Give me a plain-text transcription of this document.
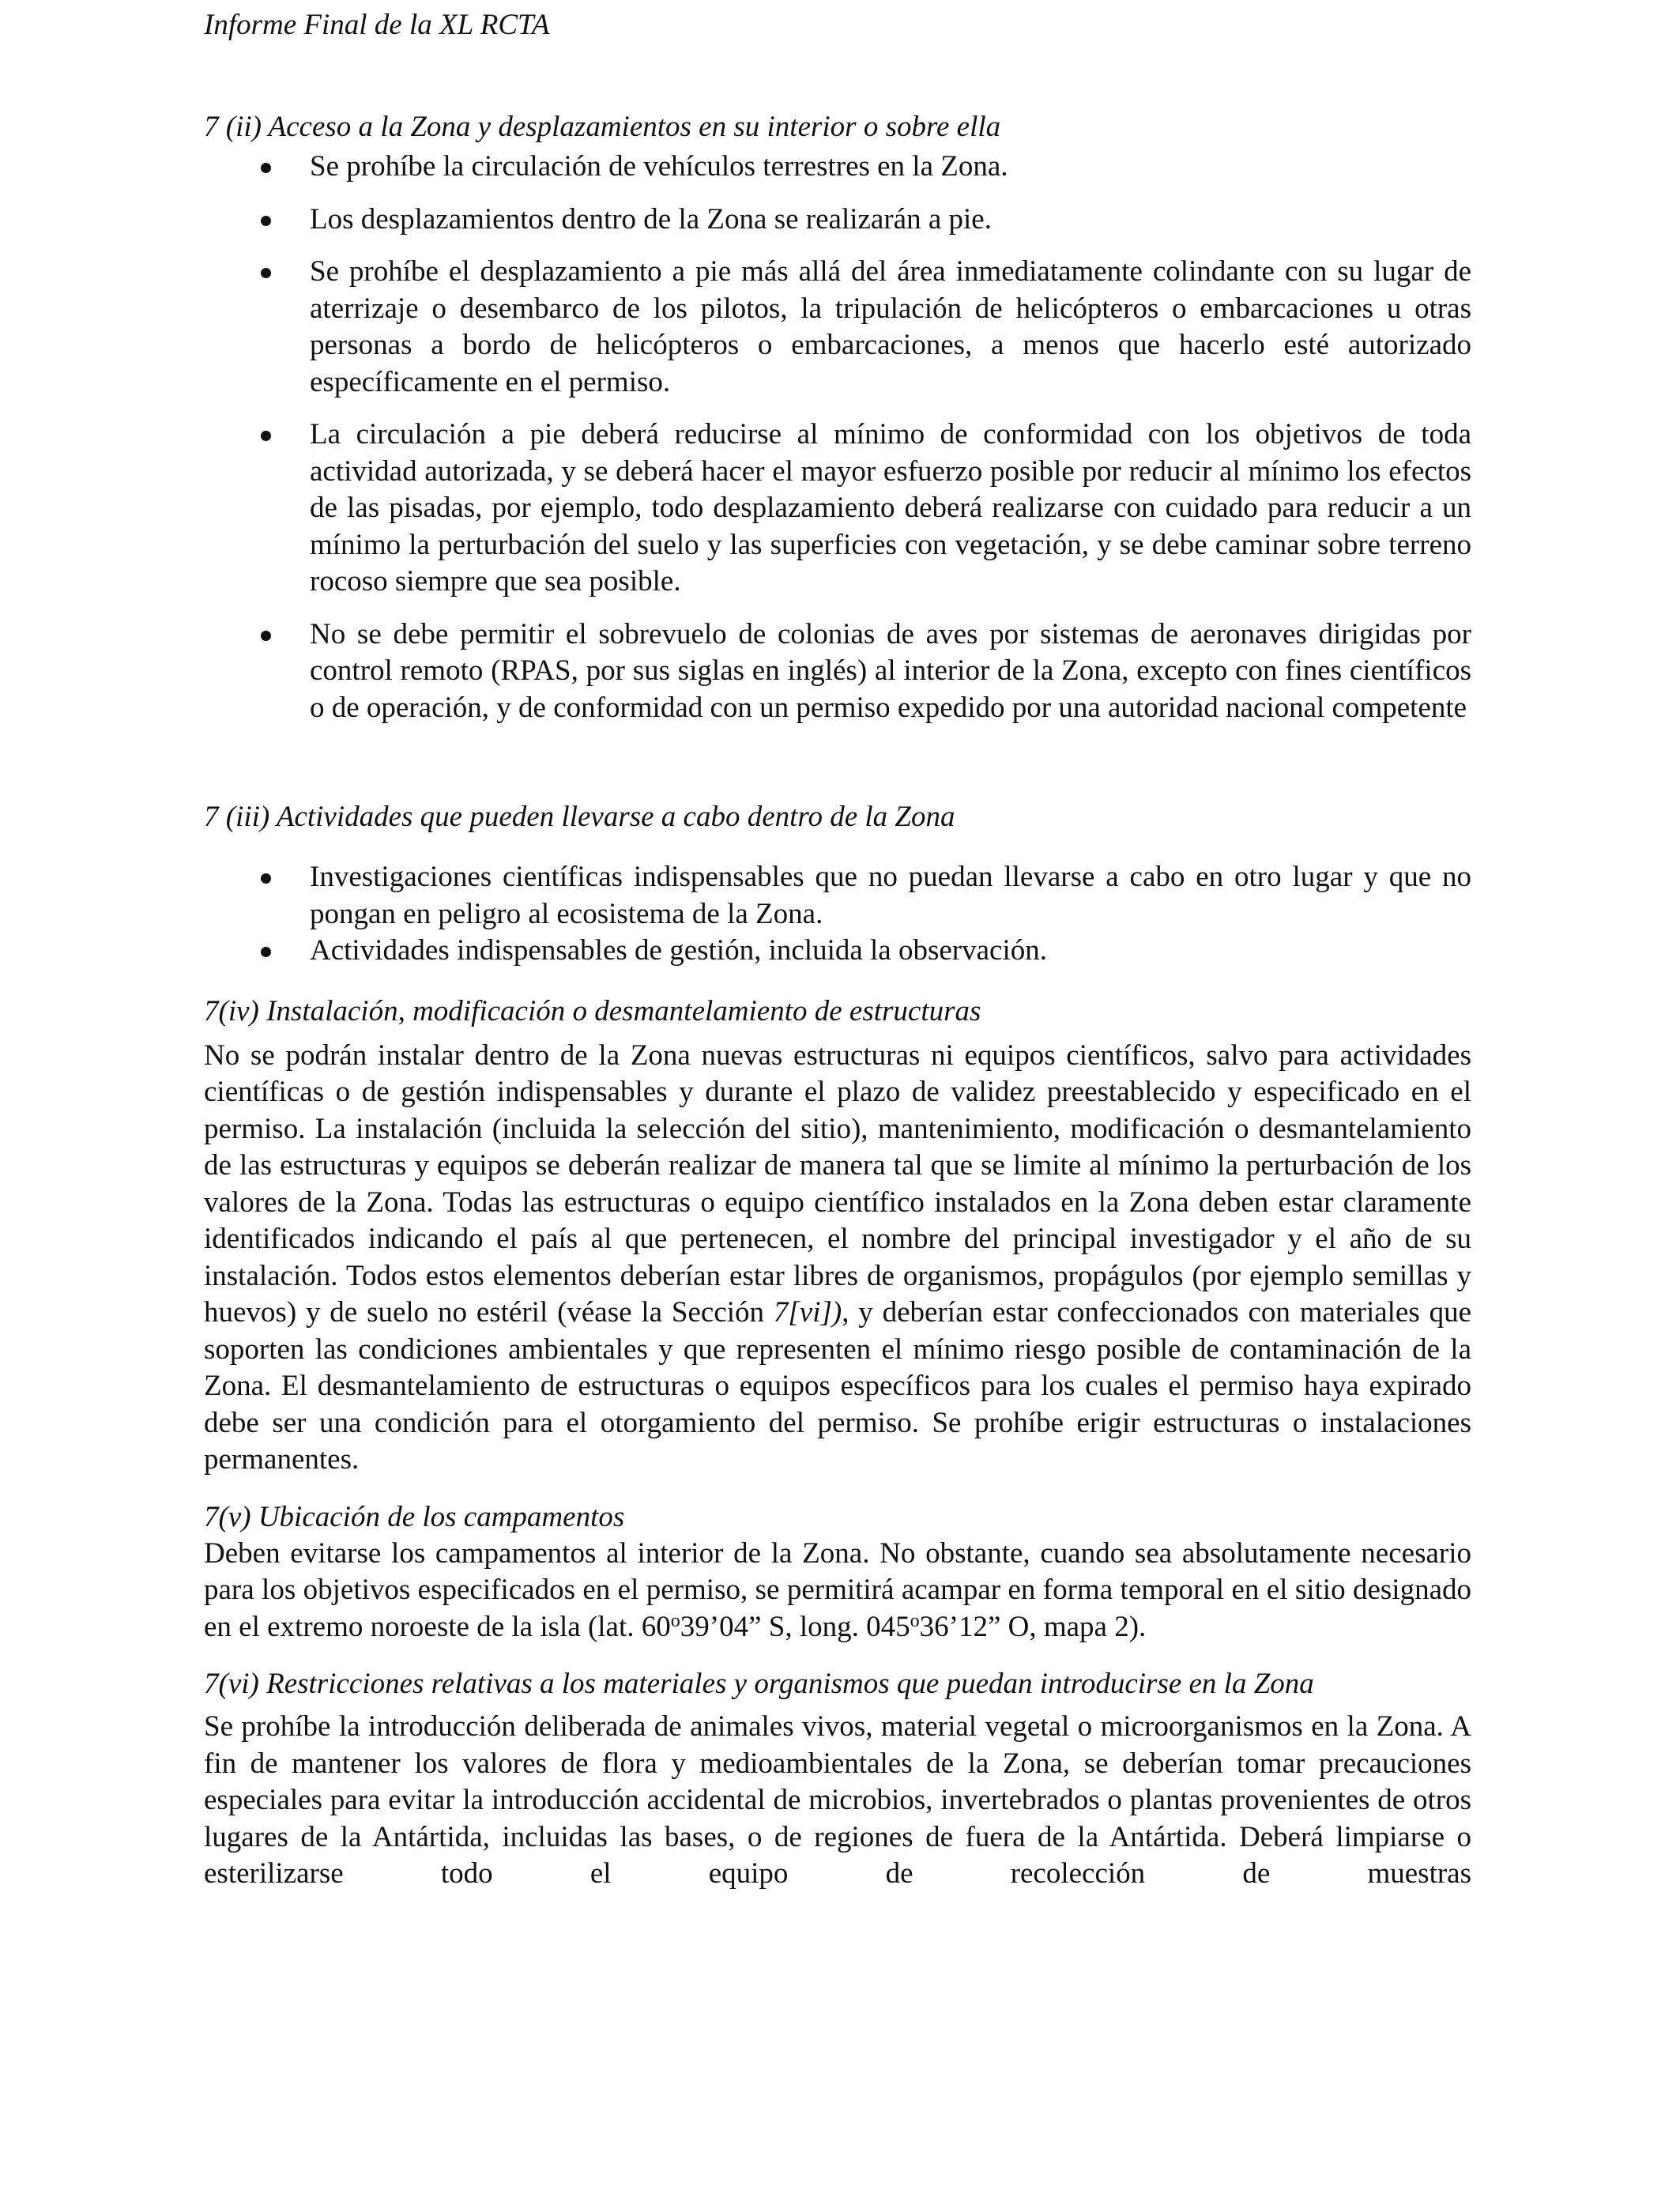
Informe Final de la XL RCTA

7 (ii) Acceso a la Zona y desplazamientos en su interior o sobre ella

Se prohíbe la circulación de vehículos terrestres en la Zona.
Los desplazamientos dentro de la Zona se realizarán a pie.
Se prohíbe el desplazamiento a pie más allá del área inmediatamente colindante con su lugar de aterrizaje o desembarco de los pilotos, la tripulación de helicópteros o embarcaciones u otras personas a bordo de helicópteros o embarcaciones, a menos que hacerlo esté autorizado específicamente en el permiso.
La circulación a pie deberá reducirse al mínimo de conformidad con los objetivos de toda actividad autorizada, y se deberá hacer el mayor esfuerzo posible por reducir al mínimo los efectos de las pisadas, por ejemplo, todo desplazamiento deberá realizarse con cuidado para reducir a un mínimo la perturbación del suelo y las superficies con vegetación, y se debe caminar sobre terreno rocoso siempre que sea posible.
No se debe permitir el sobrevuelo de colonias de aves por sistemas de aeronaves dirigidas por control remoto (RPAS, por sus siglas en inglés) al interior de la Zona, excepto con fines científicos o de operación, y de conformidad con un permiso expedido por una autoridad nacional competente

7 (iii) Actividades que pueden llevarse a cabo dentro de la Zona

Investigaciones científicas indispensables que no puedan llevarse a cabo en otro lugar y que no pongan en peligro al ecosistema de la Zona.
Actividades indispensables de gestión, incluida la observación.

7(iv) Instalación, modificación o desmantelamiento de estructuras

No se podrán instalar dentro de la Zona nuevas estructuras ni equipos científicos, salvo para actividades científicas o de gestión indispensables y durante el plazo de validez preestablecido y especificado en el permiso. La instalación (incluida la selección del sitio), mantenimiento, modificación o desmantelamiento de las estructuras y equipos se deberán realizar de manera tal que se limite al mínimo la perturbación de los valores de la Zona. Todas las estructuras o equipo científico instalados en la Zona deben estar claramente identificados indicando el país al que pertenecen, el nombre del principal investigador y el año de su instalación. Todos estos elementos deberían estar libres de organismos, propágulos (por ejemplo semillas y huevos) y de suelo no estéril (véase la Sección 7[vi]), y deberían estar confeccionados con materiales que soporten las condiciones ambientales y que representen el mínimo riesgo posible de contaminación de la Zona. El desmantelamiento de estructuras o equipos específicos para los cuales el permiso haya expirado debe ser una condición para el otorgamiento del permiso. Se prohíbe erigir estructuras o instalaciones permanentes.

7(v) Ubicación de los campamentos

Deben evitarse los campamentos al interior de la Zona. No obstante, cuando sea absolutamente necesario para los objetivos especificados en el permiso, se permitirá acampar en forma temporal en el sitio designado en el extremo noroeste de la isla (lat. 60$^o$39’04” S, long. 045$^o$36’12” O, mapa 2).

7(vi) Restricciones relativas a los materiales y organismos que puedan introducirse en la Zona

Se prohíbe la introducción deliberada de animales vivos, material vegetal o microorganismos en la Zona. A fin de mantener los valores de flora y medioambientales de la Zona, se deberían tomar precauciones especiales para evitar la introducción accidental de microbios, invertebrados o plantas provenientes de otros lugares de la Antártida, incluidas las bases, o de regiones de fuera de la Antártida. Deberá limpiarse o esterilizarse todo el equipo de recolección de muestras
